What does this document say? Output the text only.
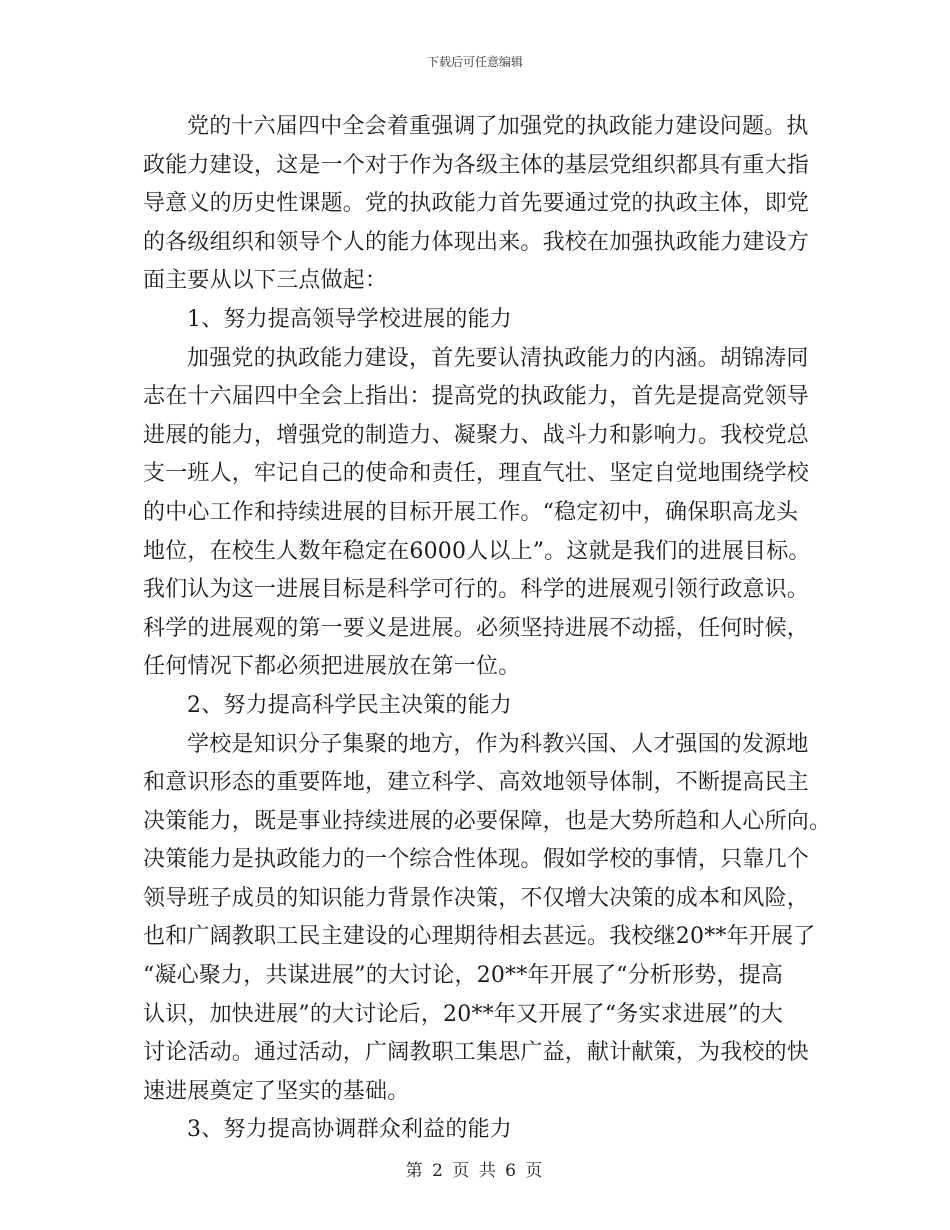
下载后可任意编辑
党的十六届四中全会着重强调了加强党的执政能力建设问题。执
政能力建设，这是一个对于作为各级主体的基层党组织都具有重大指
导意义的历史性课题。党的执政能力首先要通过党的执政主体，即党
的各级组织和领导个人的能力体现出来。我校在加强执政能力建设方
面主要从以下三点做起：
1、努力提高领导学校进展的能力
加强党的执政能力建设，首先要认清执政能力的内涵。胡锦涛同
志在十六届四中全会上指出：提高党的执政能力，首先是提高党领导
进展的能力，增强党的制造力、凝聚力、战斗力和影响力。我校党总
支一班人，牢记自己的使命和责任，理直气壮、坚定自觉地围绕学校
的中心工作和持续进展的目标开展工作。“稳定初中，确保职高龙头
地位，在校生人数年稳定在6000人以上”。这就是我们的进展目标。
我们认为这一进展目标是科学可行的。科学的进展观引领行政意识。
科学的进展观的第一要义是进展。必须坚持进展不动摇，任何时候，
任何情况下都必须把进展放在第一位。
2、努力提高科学民主决策的能力
学校是知识分子集聚的地方，作为科教兴国、人才强国的发源地
和意识形态的重要阵地，建立科学、高效地领导体制，不断提高民主
决策能力，既是事业持续进展的必要保障，也是大势所趋和人心所向。
决策能力是执政能力的一个综合性体现。假如学校的事情，只靠几个
领导班子成员的知识能力背景作决策，不仅增大决策的成本和风险，
也和广阔教职工民主建设的心理期待相去甚远。我校继20**年开展了
“凝心聚力，共谋进展”的大讨论，20**年开展了“分析形势，提高
认识，加快进展”的大讨论后，20**年又开展了“务实求进展”的大
讨论活动。通过活动，广阔教职工集思广益，献计献策，为我校的快
速进展奠定了坚实的基础。
3、努力提高协调群众利益的能力
第 2 页 共 6 页
